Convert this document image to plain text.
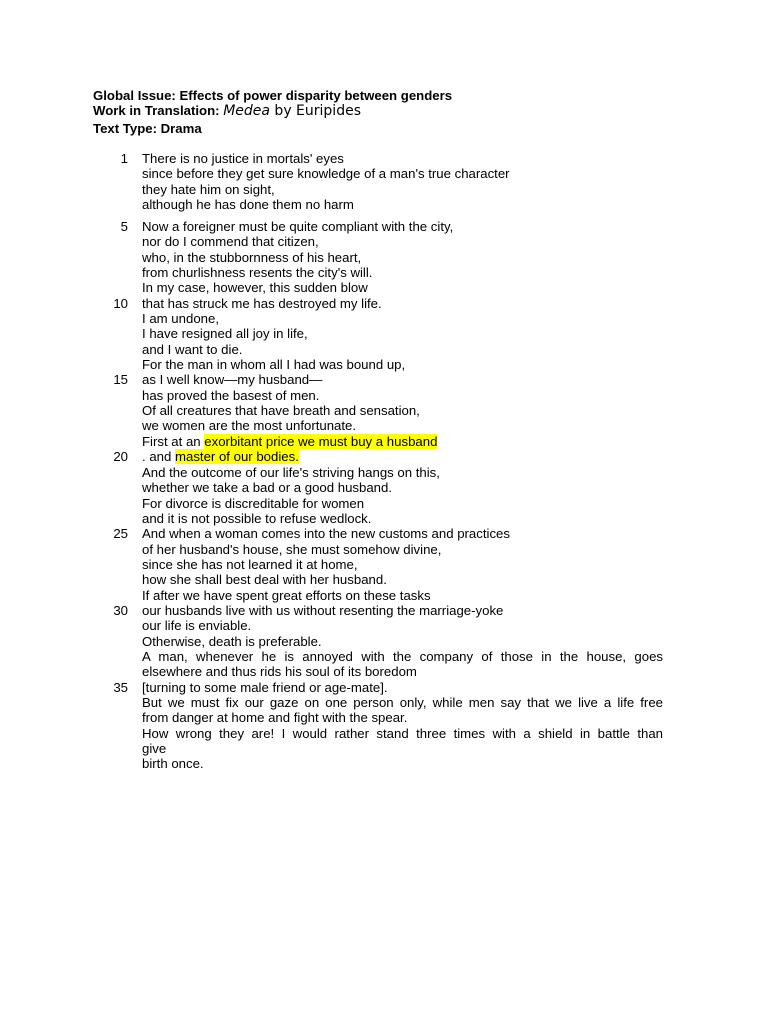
Global Issue: Effects of power disparity between genders
Work in Translation: Medea by Euripides
Text Type: Drama
1 There is no justice in mortals' eyes
since before they get sure knowledge of a man's true character
they hate him on sight,
although he has done them no harm
5 Now a foreigner must be quite compliant with the city,
nor do I commend that citizen,
who, in the stubbornness of his heart,
from churlishness resents the city's will.
In my case, however, this sudden blow
10 that has struck me has destroyed my life.
I am undone,
I have resigned all joy in life,
and I want to die.
For the man in whom all I had was bound up,
15 as I well know—my husband—
has proved the basest of men.
Of all creatures that have breath and sensation,
we women are the most unfortunate.
First at an exorbitant price we must buy a husband
20 . and master of our bodies.
And the outcome of our life's striving hangs on this,
whether we take a bad or a good husband.
For divorce is discreditable for women
and it is not possible to refuse wedlock.
25 And when a woman comes into the new customs and practices
of her husband's house, she must somehow divine,
since she has not learned it at home,
how she shall best deal with her husband.
If after we have spent great efforts on these tasks
30 our husbands live with us without resenting the marriage-yoke
our life is enviable.
Otherwise, death is preferable.
A man, whenever he is annoyed with the company of those in the house, goes
elsewhere and thus rids his soul of its boredom
35 [turning to some male friend or age-mate].
But we must fix our gaze on one person only, while men say that we live a life free
from danger at home and fight with the spear.
How wrong they are! I would rather stand three times with a shield in battle than
give
birth once.
